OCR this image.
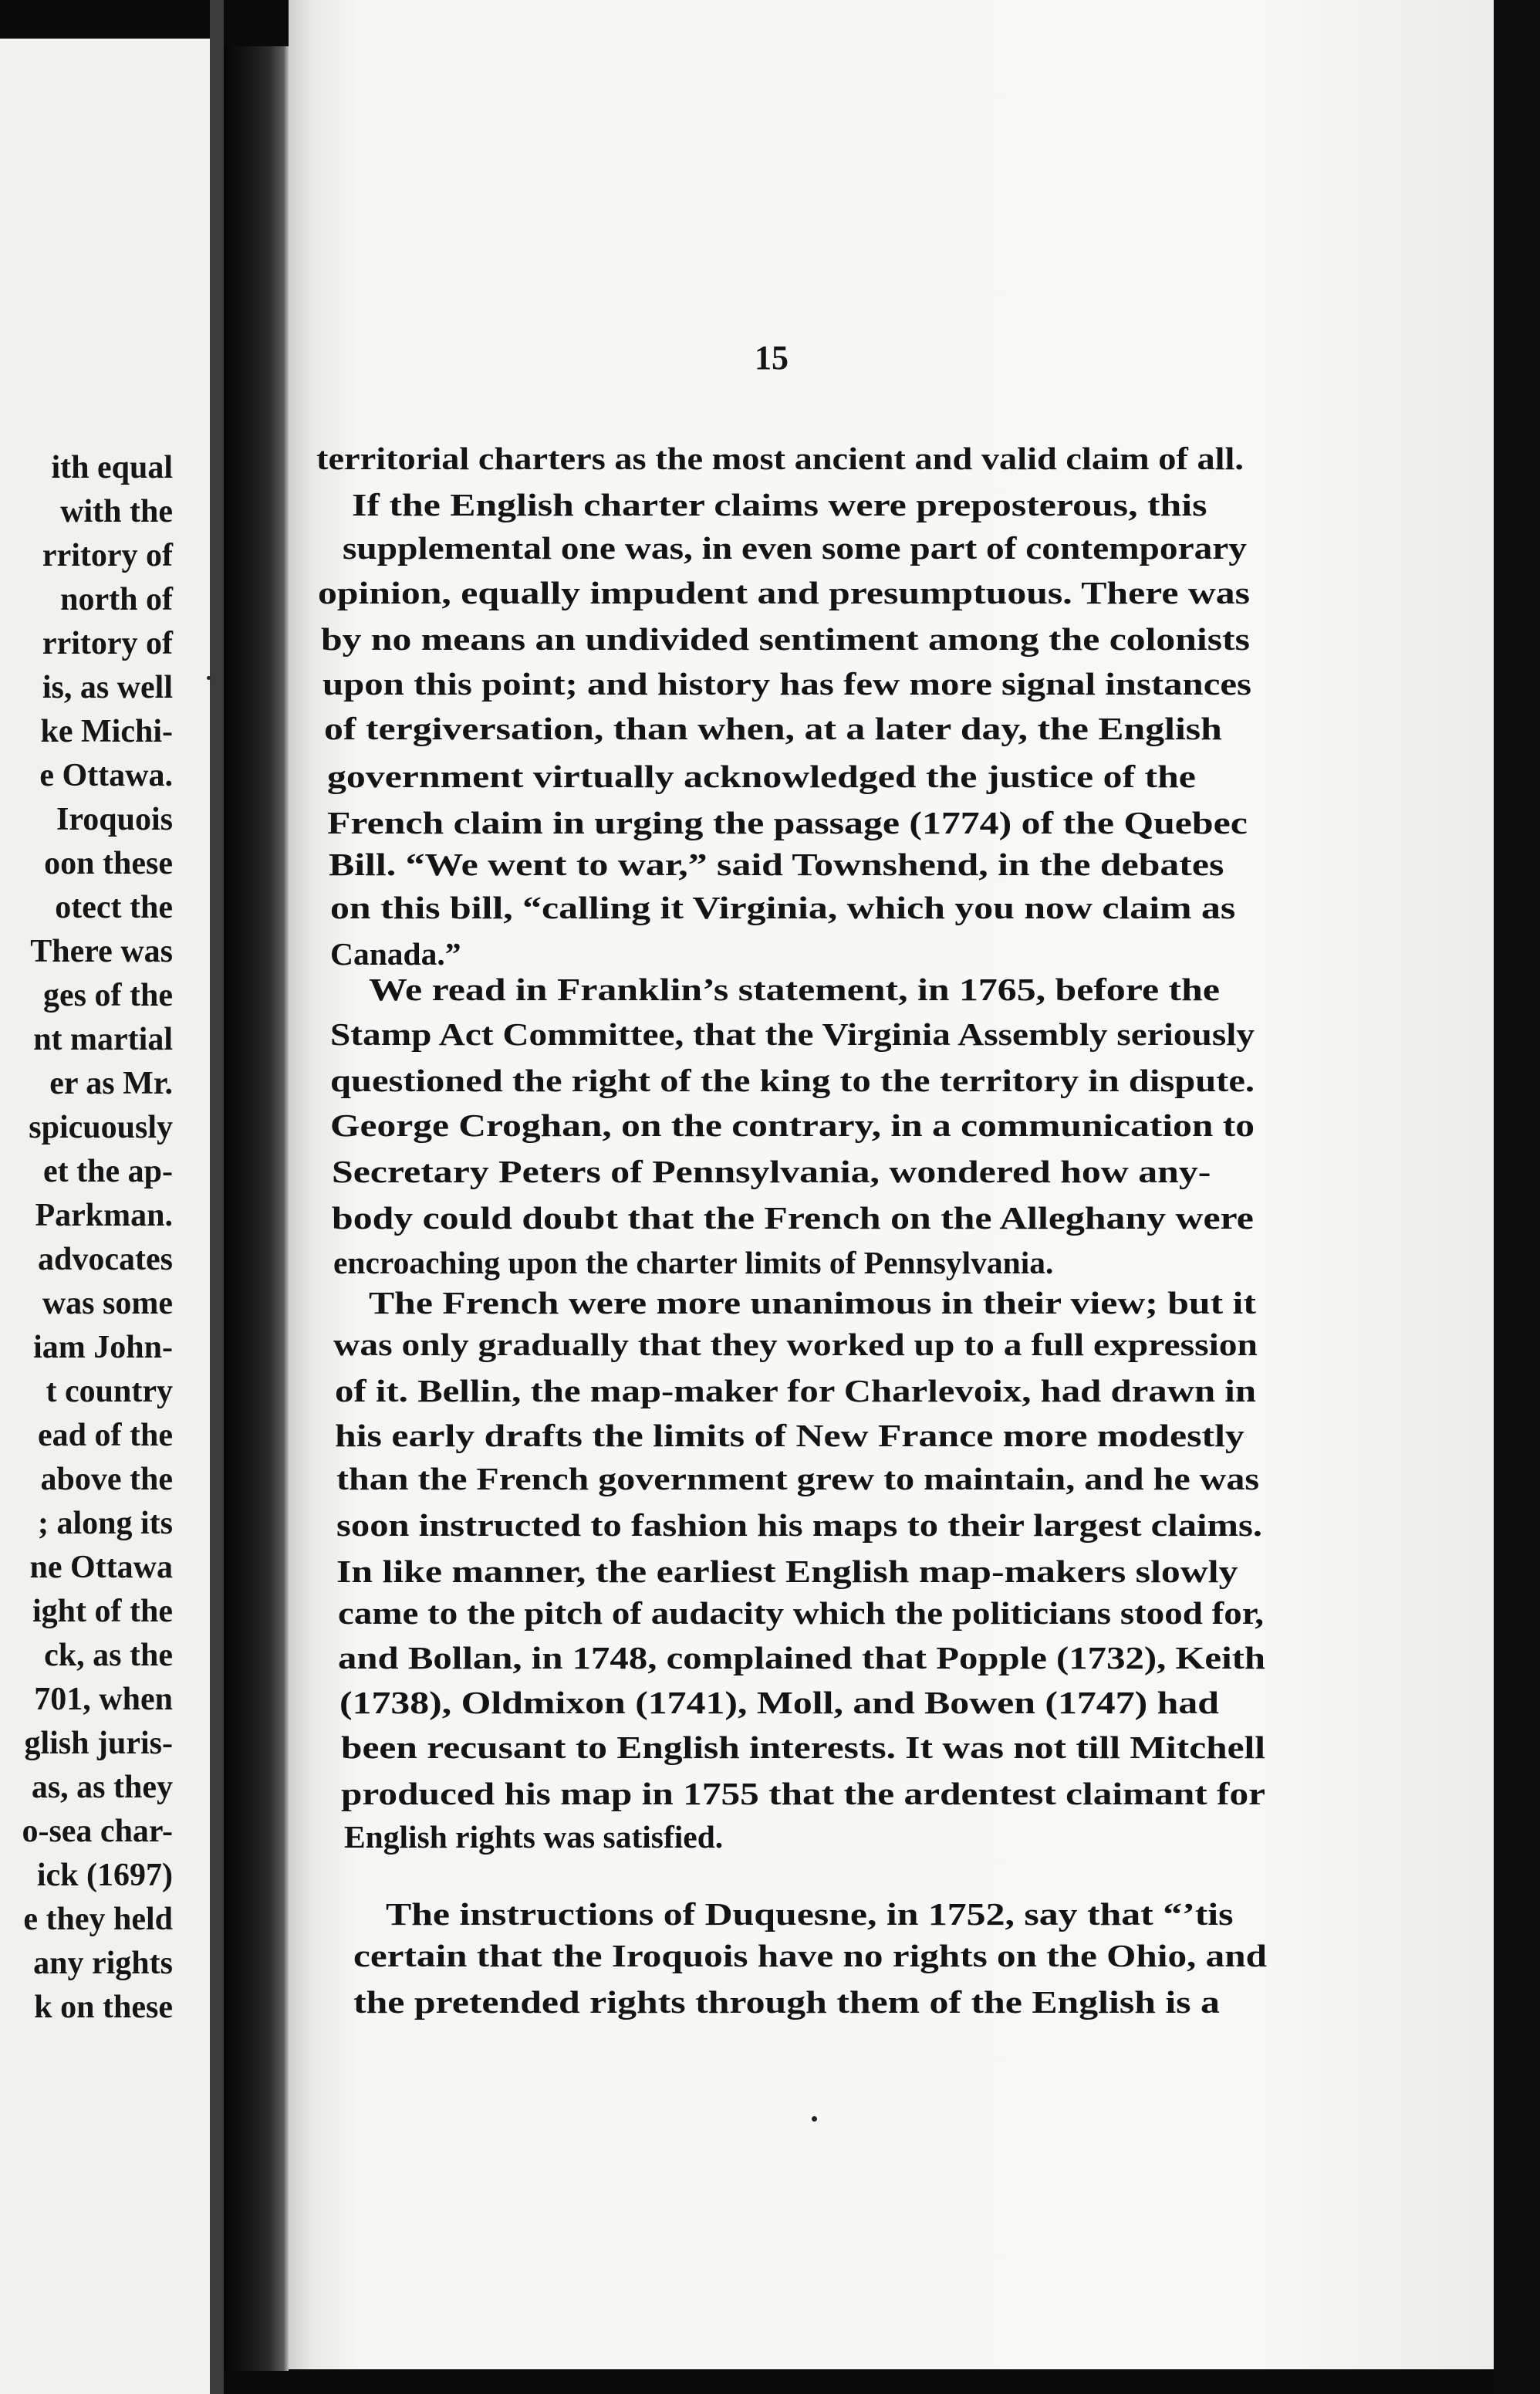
ith equal
with the
rritory of
north of
rritory of
is, as well
ke Michi-
e Ottawa.
Iroquois
oon these
otect the
There was
ges of the
nt martial
er as Mr.
spicuously
et the ap-
Parkman.
advocates
was some
iam John-
t country
ead of the
above the
; along its
ne Ottawa
ight of the
ck, as the
701, when
glish juris-
as, as they
o-sea char-
ick (1697)
e they held
any rights
k on these
15
territorial charters as the most ancient and valid claim of all.
If the English charter claims were preposterous, this
supplemental one was, in even some part of contemporary
opinion, equally impudent and presumptuous. There was
by no means an undivided sentiment among the colonists
upon this point; and history has few more signal instances
of tergiversation, than when, at a later day, the English
government virtually acknowledged the justice of the
French claim in urging the passage (1774) of the Quebec
Bill. “We went to war,” said Townshend, in the debates
on this bill, “calling it Virginia, which you now claim as
Canada.”
We read in Franklin’s statement, in 1765, before the
Stamp Act Committee, that the Virginia Assembly seriously
questioned the right of the king to the territory in dispute.
George Croghan, on the contrary, in a communication to
Secretary Peters of Pennsylvania, wondered how any-
body could doubt that the French on the Alleghany were
encroaching upon the charter limits of Pennsylvania.
The French were more unanimous in their view; but it
was only gradually that they worked up to a full expression
of it. Bellin, the map-maker for Charlevoix, had drawn in
his early drafts the limits of New France more modestly
than the French government grew to maintain, and he was
soon instructed to fashion his maps to their largest claims.
In like manner, the earliest English map-makers slowly
came to the pitch of audacity which the politicians stood for,
and Bollan, in 1748, complained that Popple (1732), Keith
(1738), Oldmixon (1741), Moll, and Bowen (1747) had
been recusant to English interests. It was not till Mitchell
produced his map in 1755 that the ardentest claimant for
English rights was satisfied.
The instructions of Duquesne, in 1752, say that “’tis
certain that the Iroquois have no rights on the Ohio, and
the pretended rights through them of the English is a
